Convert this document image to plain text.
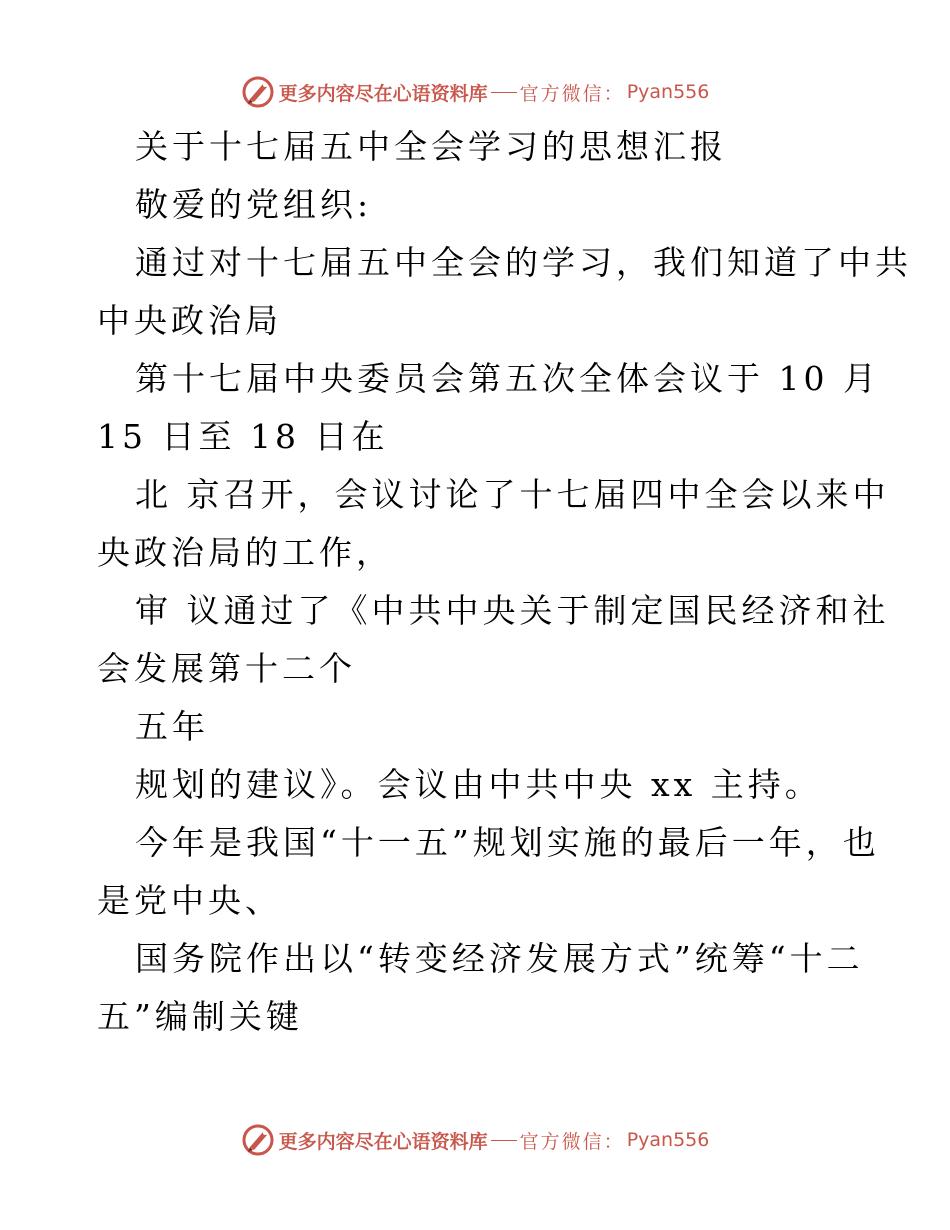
更多内容尽在心语资料库 官方微信： Pyan556
关于十七届五中全会学习的思想汇报
敬爱的党组织:
通过对十七届五中全会的学习，我们知道了中共
中央政治局
第十七届中央委员会第五次全体会议于 10 月
15 日至 18 日在
北 京召开，会议讨论了十七届四中全会以来中
央政治局的工作，
审 议通过了《中共中央关于制定国民经济和社
会发展第十二个
五年
规划的建议》。会议由中共中央 xx 主持。
今年是我国“十一五”规划实施的最后一年，也
是党中央、
国务院作出以“转变经济发展方式”统筹“十二
五”编制关键
更多内容尽在心语资料库 官方微信： Pyan556
